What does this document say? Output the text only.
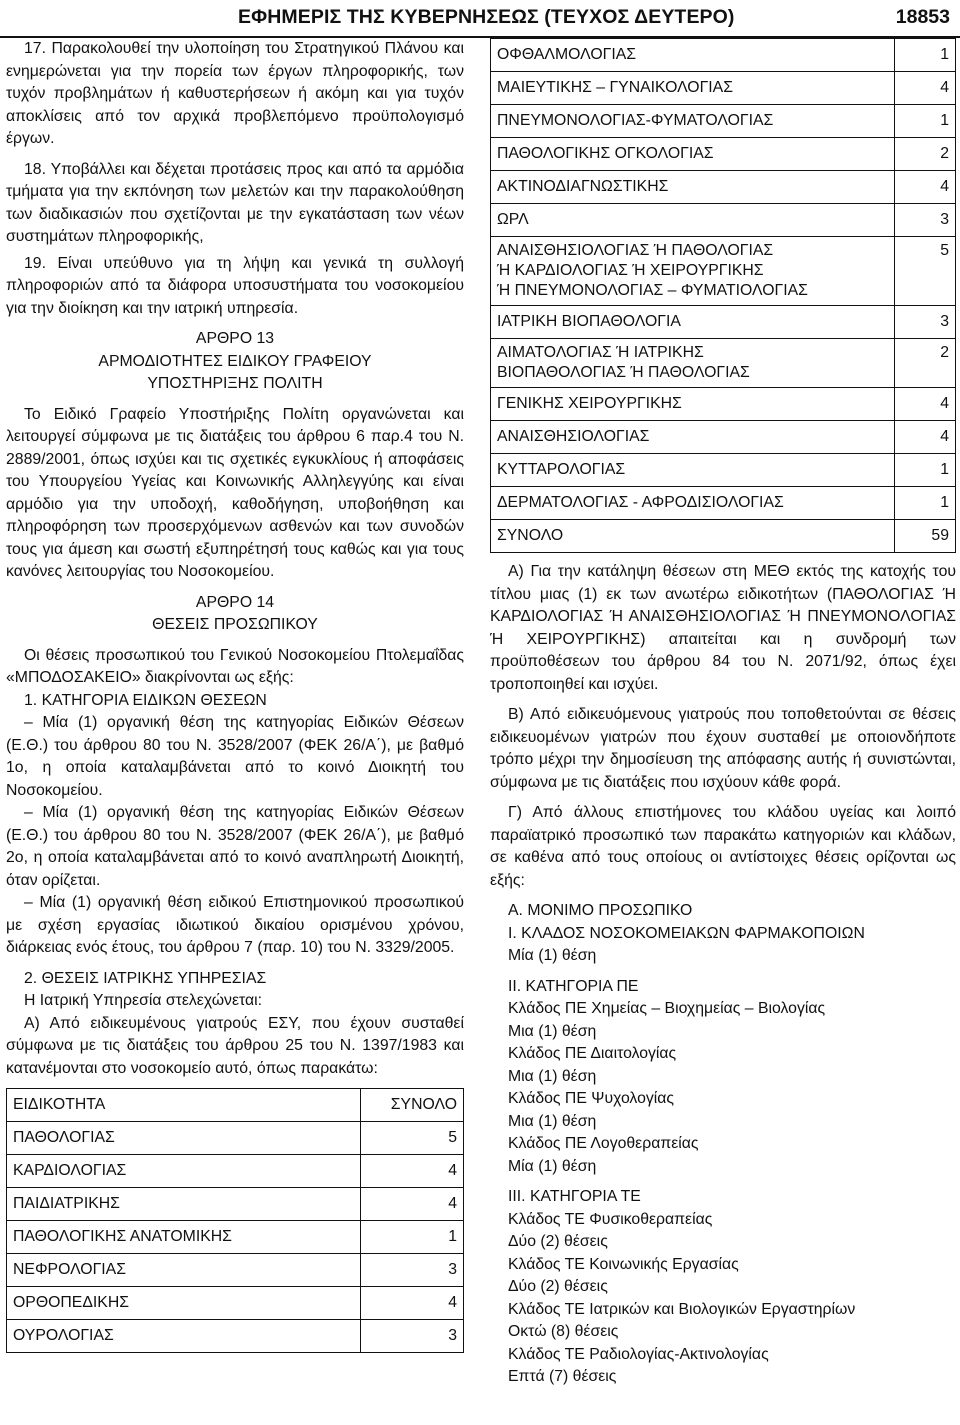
ΕΦΗΜΕΡΙΣ ΤΗΣ ΚΥΒΕΡΝΗΣΕΩΣ (ΤΕΥΧΟΣ ΔΕΥΤΕΡΟ)	18853

17. Παρακολουθεί την υλοποίηση του Στρατηγικού Πλάνου και ενημερώνεται για την πορεία των έργων πληροφορικής, των τυχόν προβλημάτων ή καθυστερήσεων ή ακόμη και για τυχόν αποκλίσεις από τον αρχικά προβλεπόμενο προϋπολογισμό έργων.

18. Υποβάλλει και δέχεται προτάσεις προς και από τα αρμόδια τμήματα για την εκπόνηση των μελετών και την παρακολούθηση των διαδικασιών που σχετίζονται με την εγκατάσταση των νέων συστημάτων πληροφορικής,

19. Είναι υπεύθυνο για τη λήψη και γενικά τη συλλογή πληροφοριών από τα διάφορα υποσυστήματα του νοσοκομείου για την διοίκηση και την ιατρική υπηρεσία.

ΑΡΘΡΟ 13

ΑΡΜΟΔΙΟΤΗΤΕΣ ΕΙΔΙΚΟΥ ΓΡΑΦΕΙΟΥ

ΥΠΟΣΤΗΡΙΞΗΣ ΠΟΛΙΤΗ

Το Ειδικό Γραφείο Υποστήριξης Πολίτη οργανώνεται και λειτουργεί σύμφωνα με τις διατάξεις του άρθρου 6 παρ.4 του Ν. 2889/2001, όπως ισχύει και τις σχετικές εγκυκλίους ή αποφάσεις του Υπουργείου Υγείας και Κοινωνικής Αλληλεγγύης και είναι αρμόδιο για την υποδοχή, καθοδήγηση, υποβοήθηση και πληροφόρηση των προσερχόμενων ασθενών και των συνοδών τους για άμεση και σωστή εξυπηρέτησή τους καθώς και για τους κανόνες λειτουργίας του Νοσοκομείου.

ΑΡΘΡΟ 14

ΘΕΣΕΙΣ ΠΡΟΣΩΠΙΚΟΥ

Οι θέσεις προσωπικού του Γενικού Νοσοκομείου Πτολεμαΐδας «ΜΠΟΔΟΣΑΚΕΙΟ» διακρίνονται ως εξής:

1. ΚΑΤΗΓΟΡΙΑ ΕΙΔΙΚΩΝ ΘΕΣΕΩΝ

– Μία (1) οργανική θέση της κατηγορίας Ειδικών Θέσεων (Ε.Θ.) του άρθρου 80 του Ν. 3528/2007 (ΦΕΚ 26/Α΄), με βαθμό 1ο, η οποία καταλαμβάνεται από το κοινό Διοικητή του Νοσοκομείου.

– Μία (1) οργανική θέση της κατηγορίας Ειδικών Θέσεων (Ε.Θ.) του άρθρου 80 του Ν. 3528/2007 (ΦΕΚ 26/Α΄), με βαθμό 2ο, η οποία καταλαμβάνεται από το κοινό αναπληρωτή Διοικητή, όταν ορίζεται.

– Μία (1) οργανική θέση ειδικού Επιστημονικού προσωπικού με σχέση εργασίας ιδιωτικού δικαίου ορισμένου χρόνου, διάρκειας ενός έτους, του άρθρου 7 (παρ. 10) του Ν. 3329/2005.

2. ΘΕΣΕΙΣ ΙΑΤΡΙΚΗΣ ΥΠΗΡΕΣΙΑΣ

Η Ιατρική Υπηρεσία στελεχώνεται:

Α) Από ειδικευμένους γιατρούς ΕΣΥ, που έχουν συσταθεί σύμφωνα με τις διατάξεις του άρθρου 25 του Ν. 1397/1983 και κατανέμονται στο νοσοκομείο αυτό, όπως παρακάτω:

ΕΙΔΙΚΟΤΗΤΑ	ΣΥΝΟΛΟ
ΠΑΘΟΛΟΓΙΑΣ	5
ΚΑΡΔΙΟΛΟΓΙΑΣ	4
ΠΑΙΔΙΑΤΡΙΚΗΣ	4
ΠΑΘΟΛΟΓΙΚΗΣ ΑΝΑΤΟΜΙΚΗΣ	1
ΝΕΦΡΟΛΟΓΙΑΣ	3
ΟΡΘΟΠΕΔΙΚΗΣ	4
ΟΥΡΟΛΟΓΙΑΣ	3
ΟΦΘΑΛΜΟΛΟΓΙΑΣ	1
ΜΑΙΕΥΤΙΚΗΣ – ΓΥΝΑΙΚΟΛΟΓΙΑΣ	4
ΠΝΕΥΜΟΝΟΛΟΓΙΑΣ-ΦΥΜΑΤΟΛΟΓΙΑΣ	1
ΠΑΘΟΛΟΓΙΚΗΣ ΟΓΚΟΛΟΓΙΑΣ	2
ΑΚΤΙΝΟΔΙΑΓΝΩΣΤΙΚΗΣ	4
ΩΡΛ	3

ΑΝΑΙΣΘΗΣΙΟΛΟΓΙΑΣ Ή ΠΑΘΟΛΟΓΙΑΣ
Ή ΚΑΡΔΙΟΛΟΓΙΑΣ Ή ΧΕΙΡΟΥΡΓΙΚΗΣ
Ή ΠΝΕΥΜΟΝΟΛΟΓΙΑΣ – ΦΥΜΑΤΙΟΛΟΓΙΑΣ	5
ΙΑΤΡΙΚΗ ΒΙΟΠΑΘΟΛΟΓΙΑ	3

ΑΙΜΑΤΟΛΟΓΙΑΣ Ή ΙΑΤΡΙΚΗΣ
ΒΙΟΠΑΘΟΛΟΓΙΑΣ Ή ΠΑΘΟΛΟΓΙΑΣ	2
ΓΕΝΙΚΗΣ ΧΕΙΡΟΥΡΓΙΚΗΣ	4
ΑΝΑΙΣΘΗΣΙΟΛΟΓΙΑΣ	4
ΚΥΤΤΑΡΟΛΟΓΙΑΣ	1
ΔΕΡΜΑΤΟΛΟΓΙΑΣ - ΑΦΡΟΔΙΣΙΟΛΟΓΙΑΣ	1
ΣΥΝΟΛΟ	59

Α) Για την κατάληψη θέσεων στη ΜΕΘ εκτός της κατοχής του τίτλου μιας (1) εκ των ανωτέρω ειδικοτήτων (ΠΑΘΟΛΟΓΙΑΣ Ή ΚΑΡΔΙΟΛΟΓΙΑΣ Ή ΑΝΑΙΣΘΗΣΙΟΛΟΓΙΑΣ Ή ΠΝΕΥΜΟΝΟΛΟΓΙΑΣ Ή ΧΕΙΡΟΥΡΓΙΚΗΣ) απαιτείται και η συνδρομή των προϋποθέσεων του άρθρου 84 του Ν. 2071/92, όπως έχει τροποποιηθεί και ισχύει.

Β) Από ειδικευόμενους γιατρούς που τοποθετούνται σε θέσεις ειδικευομένων γιατρών που έχουν συσταθεί με οποιονδήποτε τρόπο μέχρι την δημοσίευση της απόφασης αυτής ή συνιστώνται, σύμφωνα με τις διατάξεις που ισχύουν κάθε φορά.

Γ) Από άλλους επιστήμονες του κλάδου υγείας και λοιπό παραϊατρικό προσωπικό των παρακάτω κατηγοριών και κλάδων, σε καθένα από τους οποίους οι αντίστοιχες θέσεις ορίζονται ως εξής:

Α. ΜΟΝΙΜΟ ΠΡΟΣΩΠΙΚΟ

Ι. ΚΛΑΔΟΣ ΝΟΣΟΚΟΜΕΙΑΚΩΝ ΦΑΡΜΑΚΟΠΟΙΩΝ

Μία (1) θέση

ΙΙ. ΚΑΤΗΓΟΡΙΑ ΠΕ

Κλάδος ΠΕ Χημείας – Βιοχημείας – Βιολογίας

Μια (1) θέση

Κλάδος ΠΕ Διαιτολογίας

Μια (1) θέση

Κλάδος ΠΕ Ψυχολογίας

Μια (1) θέση

Κλάδος ΠΕ Λογοθεραπείας

Μία (1) θέση

ΙΙΙ. ΚΑΤΗΓΟΡΙΑ ΤΕ

Κλάδος ΤΕ Φυσικοθεραπείας

Δύο (2) θέσεις

Κλάδος ΤΕ Κοινωνικής Εργασίας

Δύο (2) θέσεις

Κλάδος ΤΕ Ιατρικών και Βιολογικών Εργαστηρίων

Οκτώ (8) θέσεις

Κλάδος ΤΕ Ραδιολογίας-Ακτινολογίας

Επτά (7) θέσεις
